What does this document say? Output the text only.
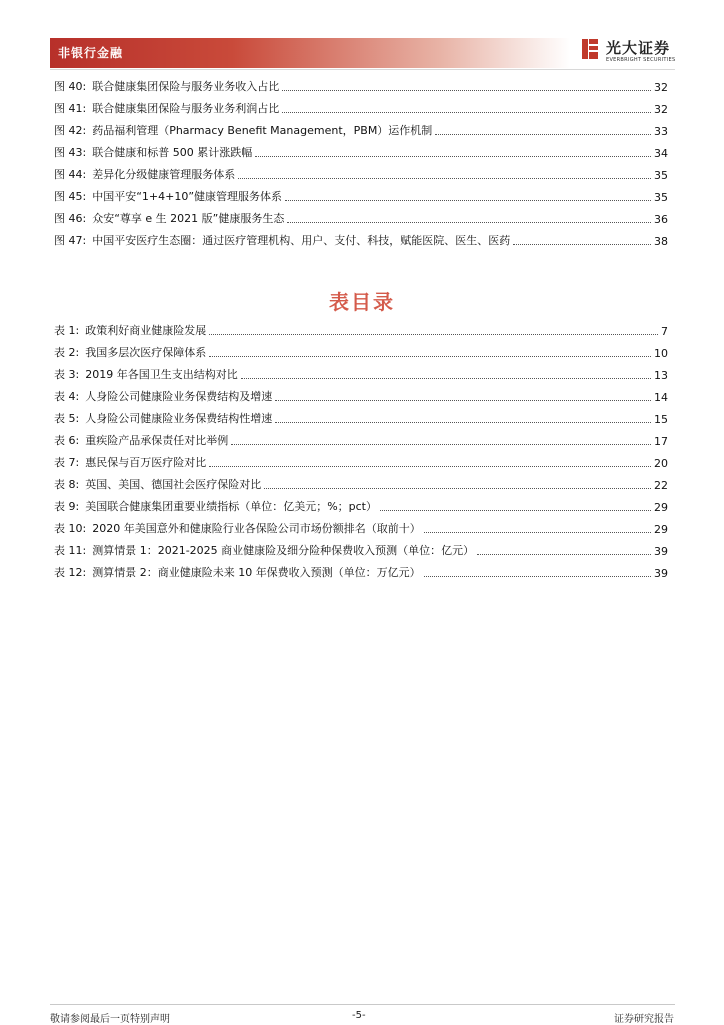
非银行金融	光大证券
EVERBRIGHT SECURITIES
图 40: 联合健康集团保险与服务业务收入占比	32
图 41: 联合健康集团保险与服务业务利润占比	32
图 42: 药品福利管理（Pharmacy Benefit Management，PBM）运作机制	33
图 43: 联合健康和标普 500 累计涨跌幅	34
图 44: 差异化分级健康管理服务体系	35
图 45: 中国平安“1+4+10”健康管理服务体系	35
图 46: 众安“尊享 e 生 2021 版”健康服务生态	36
图 47: 中国平安医疗生态圈：通过医疗管理机构、用户、支付、科技，赋能医院、医生、医药	38
表目录
表 1: 政策利好商业健康险发展	7
表 2: 我国多层次医疗保障体系	10
表 3: 2019 年各国卫生支出结构对比	13
表 4: 人身险公司健康险业务保费结构及增速	14
表 5: 人身险公司健康险业务保费结构性增速	15
表 6: 重疾险产品承保责任对比举例	17
表 7: 惠民保与百万医疗险对比	20
表 8: 英国、美国、德国社会医疗保险对比	22
表 9: 美国联合健康集团重要业绩指标（单位：亿美元；%；pct）	29
表 10: 2020 年美国意外和健康险行业各保险公司市场份额排名（取前十）	29
表 11: 测算情景 1：2021-2025 商业健康险及细分险种保费收入预测（单位：亿元）	39
表 12: 测算情景 2：商业健康险未来 10 年保费收入预测（单位：万亿元）	39
敬请参阅最后一页特别声明	-5-	证券研究报告
